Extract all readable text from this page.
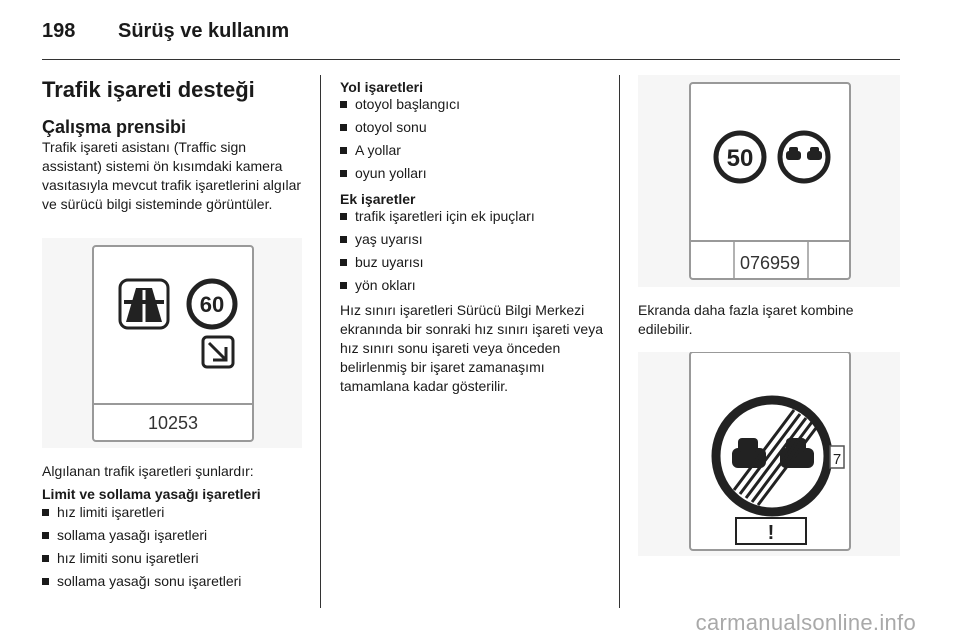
198 Sürüş ve kullanım
Trafik işareti desteği
Çalışma prensibi
Trafik işareti asistanı (Traffic sign assistant) sistemi ön kısımdaki kamera vasıtasıyla mevcut trafik işaretlerini algılar ve sürücü bilgi sisteminde görüntüler.
60
10253
Algılanan trafik işaretleri şunlardır:
Limit ve sollama yasağı işaretleri
hız limiti işaretleri
sollama yasağı işaretleri
hız limiti sonu işaretleri
sollama yasağı sonu işaretleri
Yol işaretleri
otoyol başlangıcı
otoyol sonu
A yollar
oyun yolları
Ek işaretler
trafik işaretleri için ek ipuçları
yaş uyarısı
buz uyarısı
yön okları
Hız sınırı işaretleri Sürücü Bilgi Merkezi ekranında bir sonraki hız sınırı işareti veya hız sınırı sonu işareti veya önceden belirlenmiş bir işaret zamanaşımı tamamlana kadar gösterilir.
50
076959
Ekranda daha fazla işaret kombine edilebilir.
7
!
carmanualsonline.info
